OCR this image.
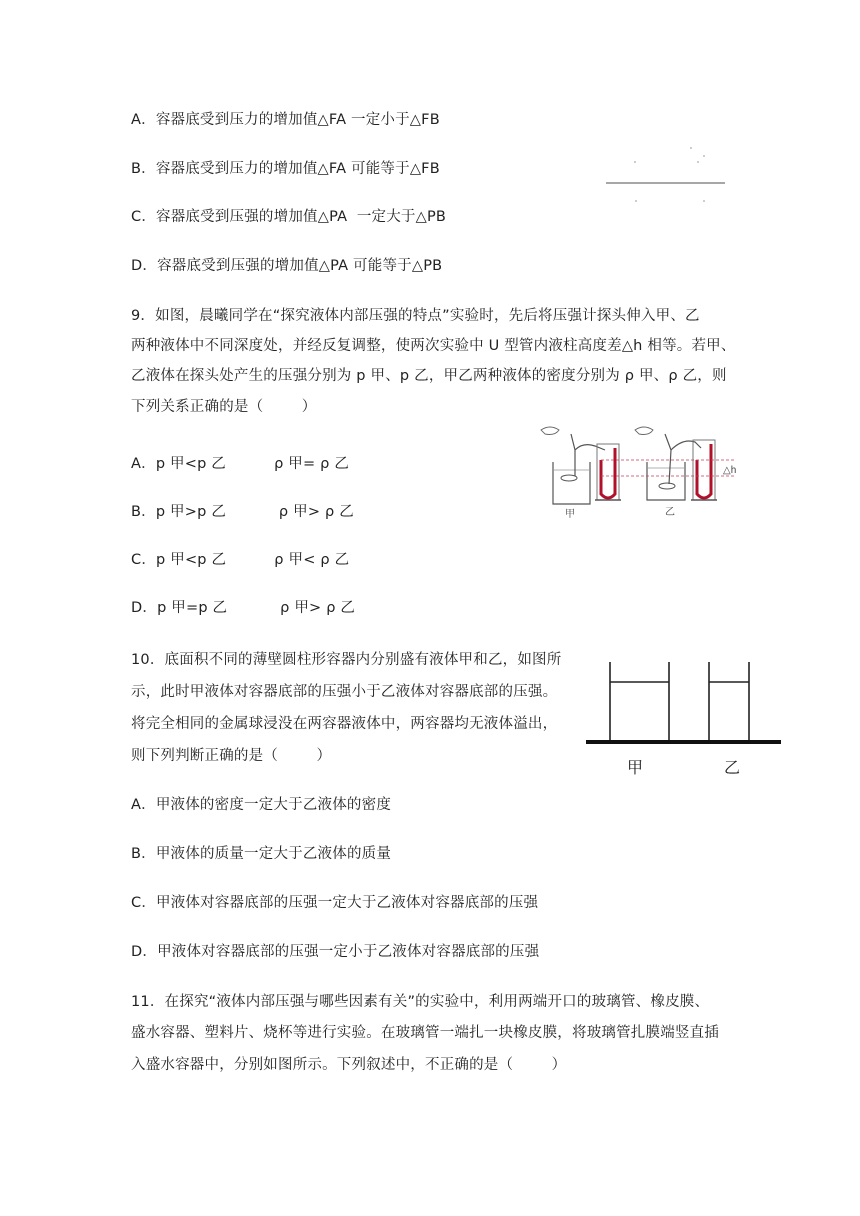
A．容器底受到压力的增加值△FA 一定小于△FB
B．容器底受到压力的增加值△FA 可能等于△FB
C．容器底受到压强的增加值△PA  一定大于△PB
D．容器底受到压强的增加值△PA 可能等于△PB
9．如图，晨曦同学在“探究液体内部压强的特点”实验时，先后将压强计探头伸入甲、乙
两种液体中不同深度处，并经反复调整，使两次实验中 U 型管内液柱高度差△h 相等。若甲、
乙液体在探头处产生的压强分别为 p 甲、p 乙，甲乙两种液体的密度分别为 ρ 甲、ρ 乙，则
下列关系正确的是（        ）
A．p 甲<p 乙          ρ 甲= ρ 乙
B．p 甲>p 乙           ρ 甲> ρ 乙
C．p 甲<p 乙          ρ 甲< ρ 乙
D．p 甲=p 乙           ρ 甲> ρ 乙
△h
甲	乙
10．底面积不同的薄壁圆柱形容器内分别盛有液体甲和乙，如图所
示，此时甲液体对容器底部的压强小于乙液体对容器底部的压强。
将完全相同的金属球浸没在两容器液体中，两容器均无液体溢出，
则下列判断正确的是（        ）
A．甲液体的密度一定大于乙液体的密度
B．甲液体的质量一定大于乙液体的质量
C．甲液体对容器底部的压强一定大于乙液体对容器底部的压强
D．甲液体对容器底部的压强一定小于乙液体对容器底部的压强
甲	乙
11．在探究“液体内部压强与哪些因素有关”的实验中，利用两端开口的玻璃管、橡皮膜、
盛水容器、塑料片、烧杯等进行实验。在玻璃管一端扎一块橡皮膜，将玻璃管扎膜端竖直插
入盛水容器中，分别如图所示。下列叙述中，不正确的是（        ）
